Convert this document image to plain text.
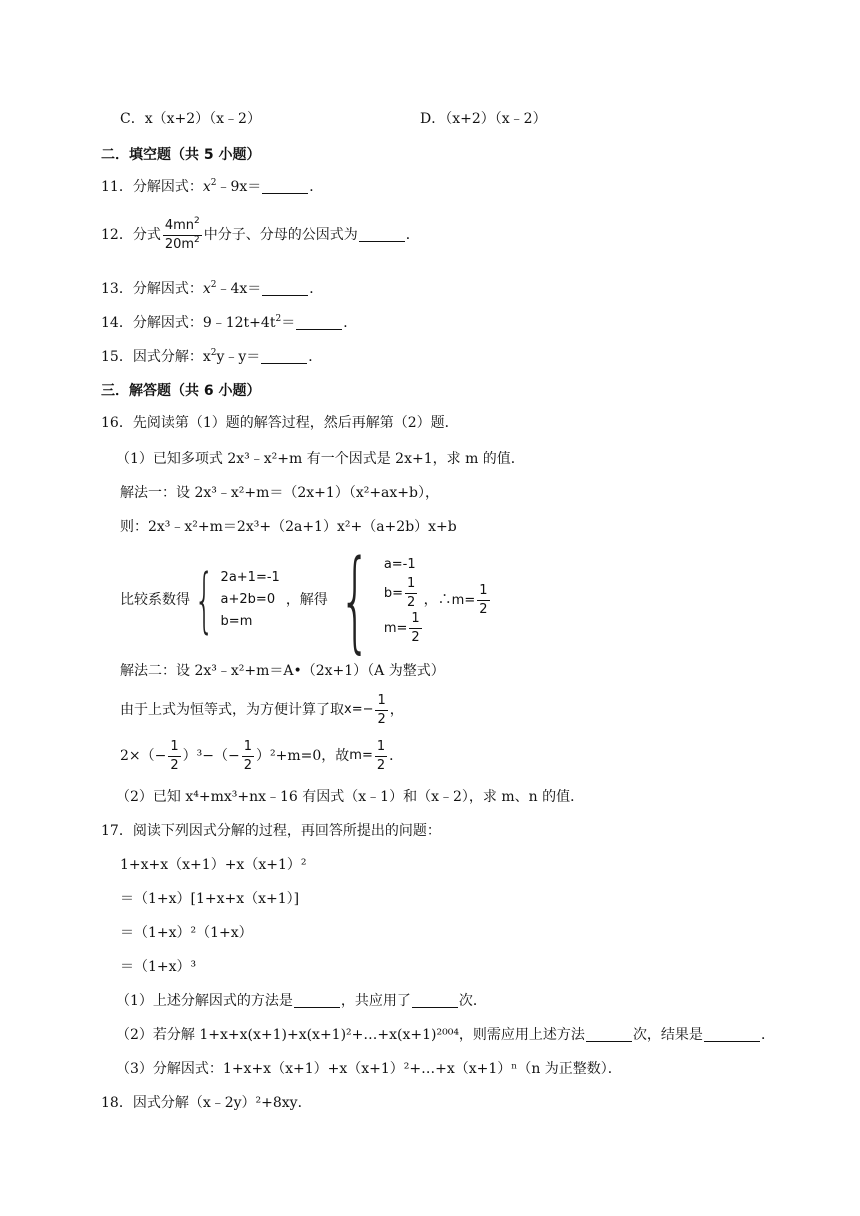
C．x（x+2）（x﹣2）	D．（x+2）（x﹣2）
二．填空题（共 5 小题）
11．分解因式：$x^2﹣9x=$	．
12．分式 $\frac{4mn^2}{20m^2}$ 中分子、分母的公因式为	．
13．分解因式：$x^2﹣4x=$	．
14．分解因式：$9﹣12t+4t^2=$	．
15．因式分解：$x^2y﹣y=$	．
三．解答题（共 6 小题）
16．先阅读第（1）题的解答过程，然后再解第（2）题．
（1）已知多项式 2x³﹣x²+m 有一个因式是 2x+1，求 m 的值．
解法一：设 2x³﹣x²+m＝（2x+1）（x²+ax+b），
则：2x³﹣x²+m＝2x³+（2a+1）x²+（a+2b）x+b
比较系数得 { 2a+1=-1
a+2b=0
b=m
，解得 { a=-1
$b= \frac{1}{2}$
$m= \frac{1}{2}$
，∴ $m= \frac{1}{2}$
解法二：设 2x³﹣x²+m＝A•（2x+1）（A 为整式）
由于上式为恒等式，为方便计算了取 $x=- \frac{1}{2}$ ，
$2\times(- \frac{1}{2} )^3-(- \frac{1}{2} )^2+m=0$，故 $m= \frac{1}{2}$ ．
（2）已知 x⁴+mx³+nx﹣16 有因式（x﹣1）和（x﹣2），求 m、n 的值．
17．阅读下列因式分解的过程，再回答所提出的问题：
1+x+x（x+1）+x（x+1）²
＝（1+x）[1+x+x（x+1）]
＝（1+x）²（1+x）
＝（1+x）³
（1）上述分解因式的方法是	，共应用了	次．
（2）若分解 1+x+x(x+1)+x(x+1)²+…+x(x+1)²⁰⁰⁴，则需应用上述方法	次，结果是	．
（3）分解因式：1+x+x（x+1）+x（x+1）²+…+x（x+1）ⁿ（n 为正整数）．
18．因式分解（x﹣2y）²+8xy．
